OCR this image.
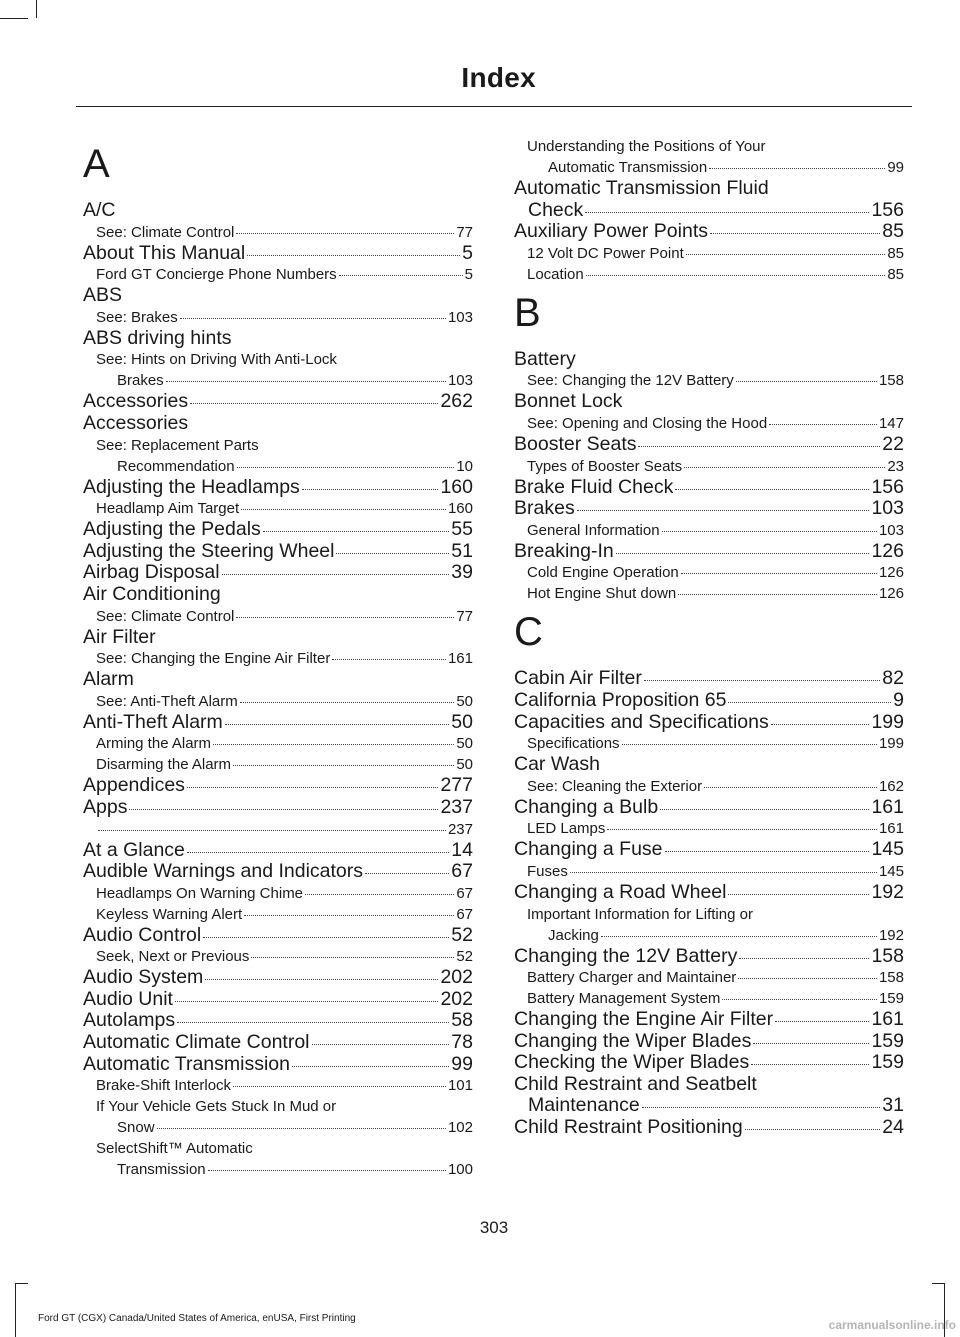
Index
A
A/C
See: Climate Control	77
About This Manual	5
Ford GT Concierge Phone Numbers	5
ABS
See: Brakes	103
ABS driving hints
See: Hints on Driving With Anti-Lock
Brakes	103
Accessories	262
Accessories
See: Replacement Parts
Recommendation	10
Adjusting the Headlamps	160
Headlamp Aim Target	160
Adjusting the Pedals	55
Adjusting the Steering Wheel	51
Airbag Disposal	39
Air Conditioning
See: Climate Control	77
Air Filter
See: Changing the Engine Air Filter	161
Alarm
See: Anti-Theft Alarm	50
Anti-Theft Alarm	50
Arming the Alarm	50
Disarming the Alarm	50
Appendices	277
Apps	237
237
At a Glance	14
Audible Warnings and Indicators	67
Headlamps On Warning Chime	67
Keyless Warning Alert	67
Audio Control	52
Seek, Next or Previous	52
Audio System	202
Audio Unit	202
Autolamps	58
Automatic Climate Control	78
Automatic Transmission	99
Brake-Shift Interlock	101
If Your Vehicle Gets Stuck In Mud or
Snow	102
SelectShift™ Automatic
Transmission	100
Understanding the Positions of Your
Automatic Transmission	99
Automatic Transmission Fluid
Check	156
Auxiliary Power Points	85
12 Volt DC Power Point	85
Location	85
B
Battery
See: Changing the 12V Battery	158
Bonnet Lock
See: Opening and Closing the Hood	147
Booster Seats	22
Types of Booster Seats	23
Brake Fluid Check	156
Brakes	103
General Information	103
Breaking-In	126
Cold Engine Operation	126
Hot Engine Shut down	126
C
Cabin Air Filter	82
California Proposition 65	9
Capacities and Specifications	199
Specifications	199
Car Wash
See: Cleaning the Exterior	162
Changing a Bulb	161
LED Lamps	161
Changing a Fuse	145
Fuses	145
Changing a Road Wheel	192
Important Information for Lifting or
Jacking	192
Changing the 12V Battery	158
Battery Charger and Maintainer	158
Battery Management System	159
Changing the Engine Air Filter	161
Changing the Wiper Blades	159
Checking the Wiper Blades	159
Child Restraint and Seatbelt
Maintenance	31
Child Restraint Positioning	24
303
Ford GT (CGX) Canada/United States of America, enUSA, First Printing	carmanualsonline.info
